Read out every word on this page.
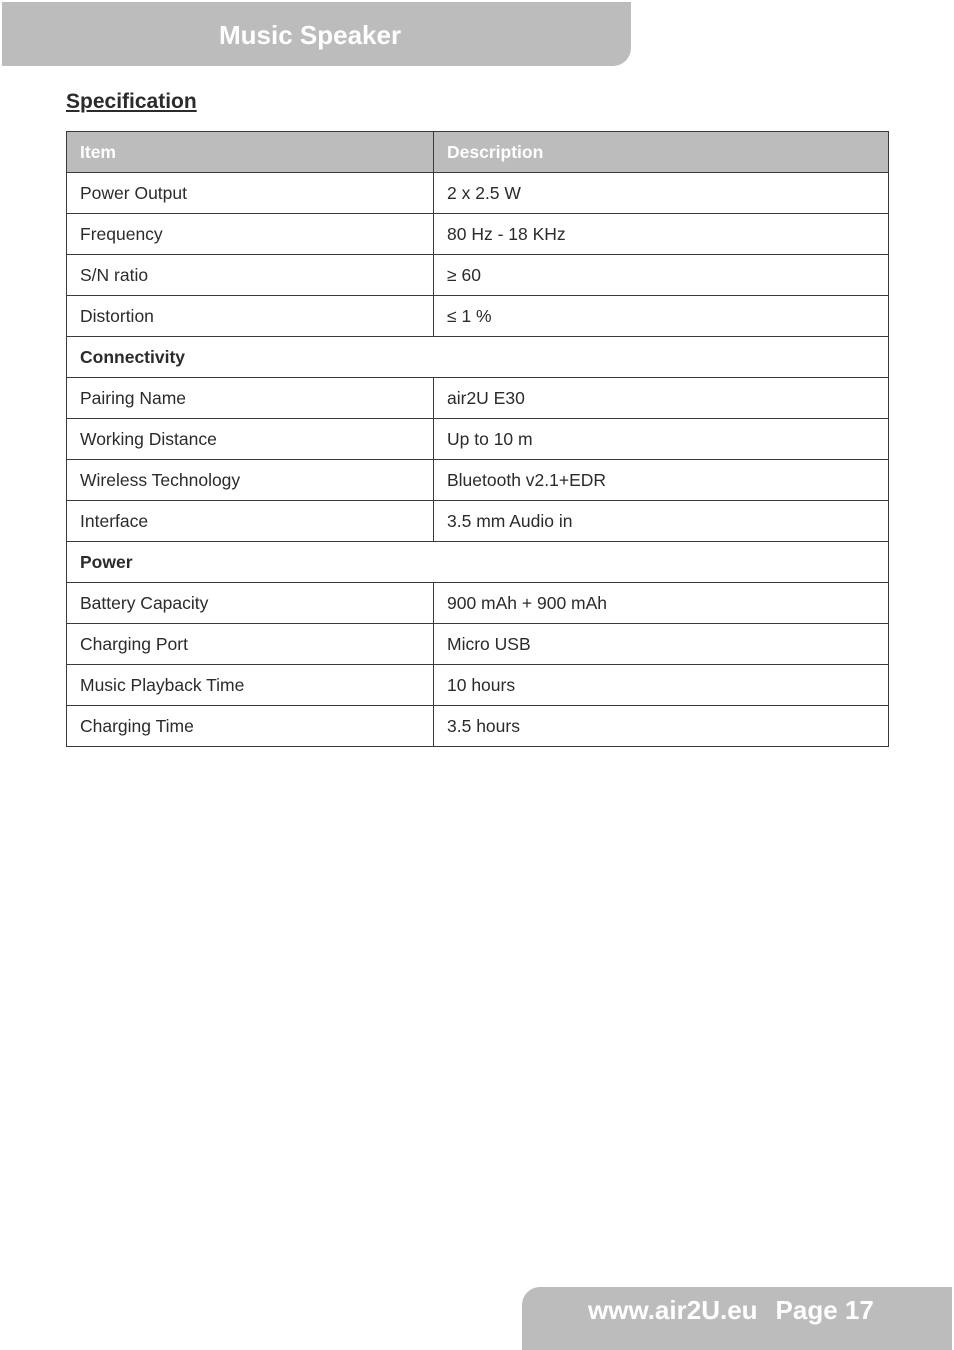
Music Speaker
Specification
Item	Description
Power Output	2 x 2.5 W
Frequency	80 Hz - 18 KHz
S/N ratio	≥ 60
Distortion	≤ 1 %
Connectivity	
Pairing Name	air2U E30
Working Distance	Up to 10 m
Wireless Technology	Bluetooth v2.1+EDR
Interface	3.5 mm Audio in
Power	
Battery Capacity	900 mAh + 900 mAh
Charging Port	Micro USB
Music Playback Time	10 hours
Charging Time	3.5 hours
www.air2U.eu Page 17
